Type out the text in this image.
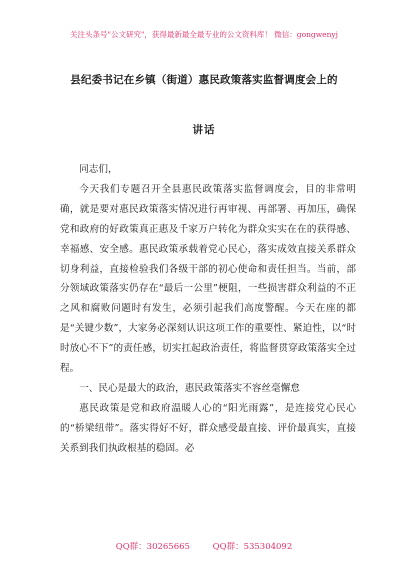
关注头条号"公文研究"，获得最新最全最专业的公文资料库！ 微信：gongwenyj
县纪委书记在乡镇（街道）惠民政策落实监督调度会上的
讲话

同志们，

今天我们专题召开全县惠民政策落实监督调度会，目的非常明确，就是要对惠民政策落实情况进行再审视、再部署、再加压，确保党和政府的好政策真正惠及千家万户转化为群众实实在在的获得感、幸福感、安全感。惠民政策承载着党心民心，落实成效直接关系群众切身利益，直接检验我们各级干部的初心使命和责任担当。当前，部分领域政策落实仍存在“最后一公里”梗阻，一些损害群众利益的不正之风和腐败问题时有发生，必须引起我们高度警醒。今天在座的都是“关键少数”，大家务必深刻认识这项工作的重要性、紧迫性，以“时时放心不下”的责任感，切实扛起政治责任，将监督贯穿政策落实全过程。

一、民心是最大的政治，惠民政策落实不容丝毫懈怠

惠民政策是党和政府温暖人心的“阳光雨露”，是连接党心民心的“桥梁纽带”。落实得好不好，群众感受最直接、评价最真实，直接关系到我们执政根基的稳固。必

QQ群：30265665	QQ群：535304092
